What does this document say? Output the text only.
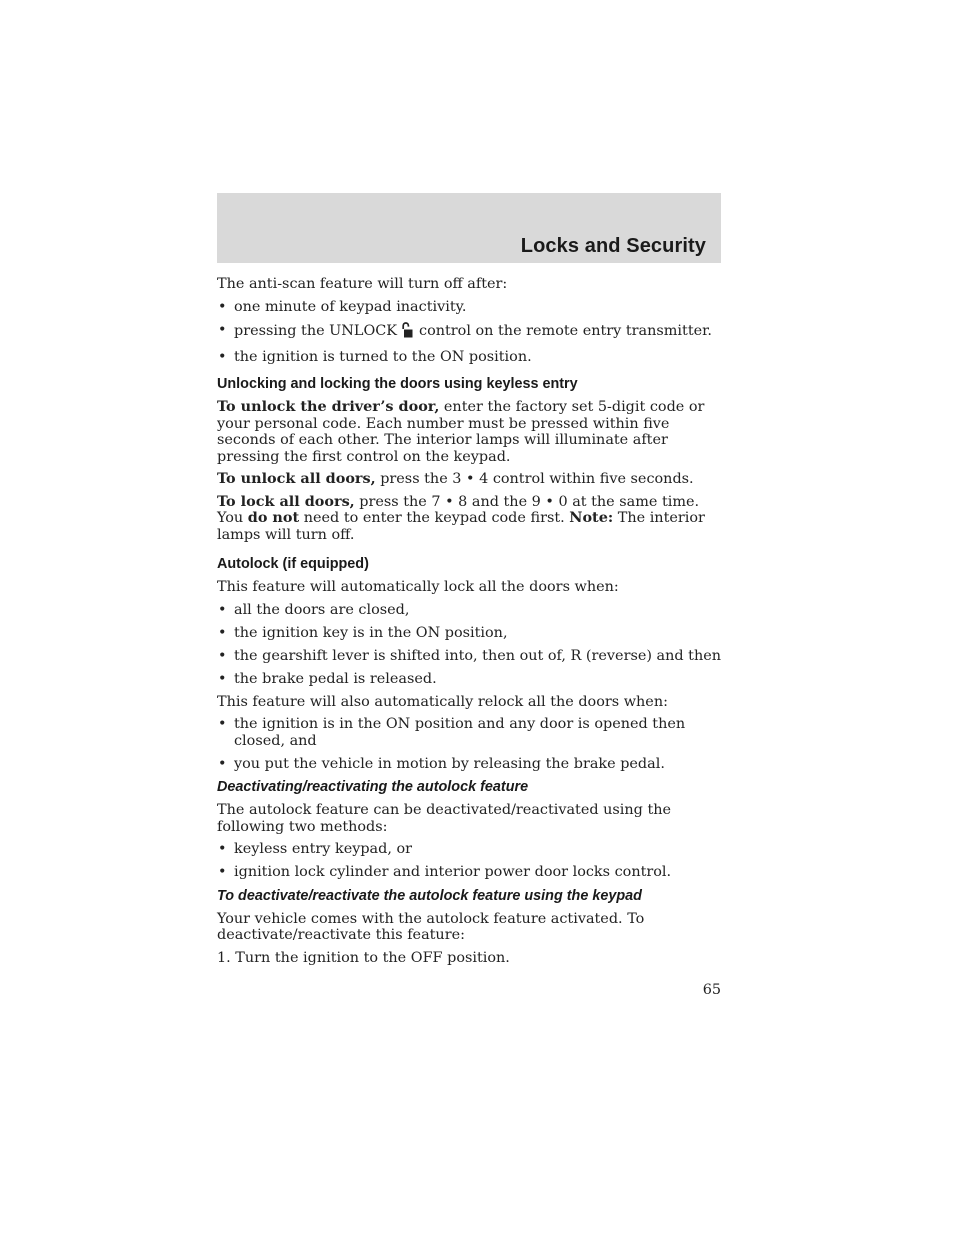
Locks and Security

The anti-scan feature will turn off after:

• one minute of keypad inactivity.
• pressing the UNLOCK control on the remote entry transmitter.
• the ignition is turned to the ON position.
Unlocking and locking the doors using keyless entry

To unlock the driver’s door, enter the factory set 5-digit code or your personal code. Each number must be pressed within five seconds of each other. The interior lamps will illuminate after pressing the first control on the keypad.

To unlock all doors, press the 3 • 4 control within five seconds.

To lock all doors, press the 7 • 8 and the 9 • 0 at the same time. You do not need to enter the keypad code first. Note: The interior lamps will turn off.

Autolock (if equipped)

This feature will automatically lock all the doors when:

• all the doors are closed,
• the ignition key is in the ON position,
• the gearshift lever is shifted into, then out of, R (reverse) and then
• the brake pedal is released.

This feature will also automatically relock all the doors when:

• the ignition is in the ON position and any door is opened then closed, and
• you put the vehicle in motion by releasing the brake pedal.
Deactivating/reactivating the autolock feature

The autolock feature can be deactivated/reactivated using the following two methods:

• keyless entry keypad, or
• ignition lock cylinder and interior power door locks control.
To deactivate/reactivate the autolock feature using the keypad

Your vehicle comes with the autolock feature activated. To deactivate/reactivate this feature:

1. Turn the ignition to the OFF position.

65
